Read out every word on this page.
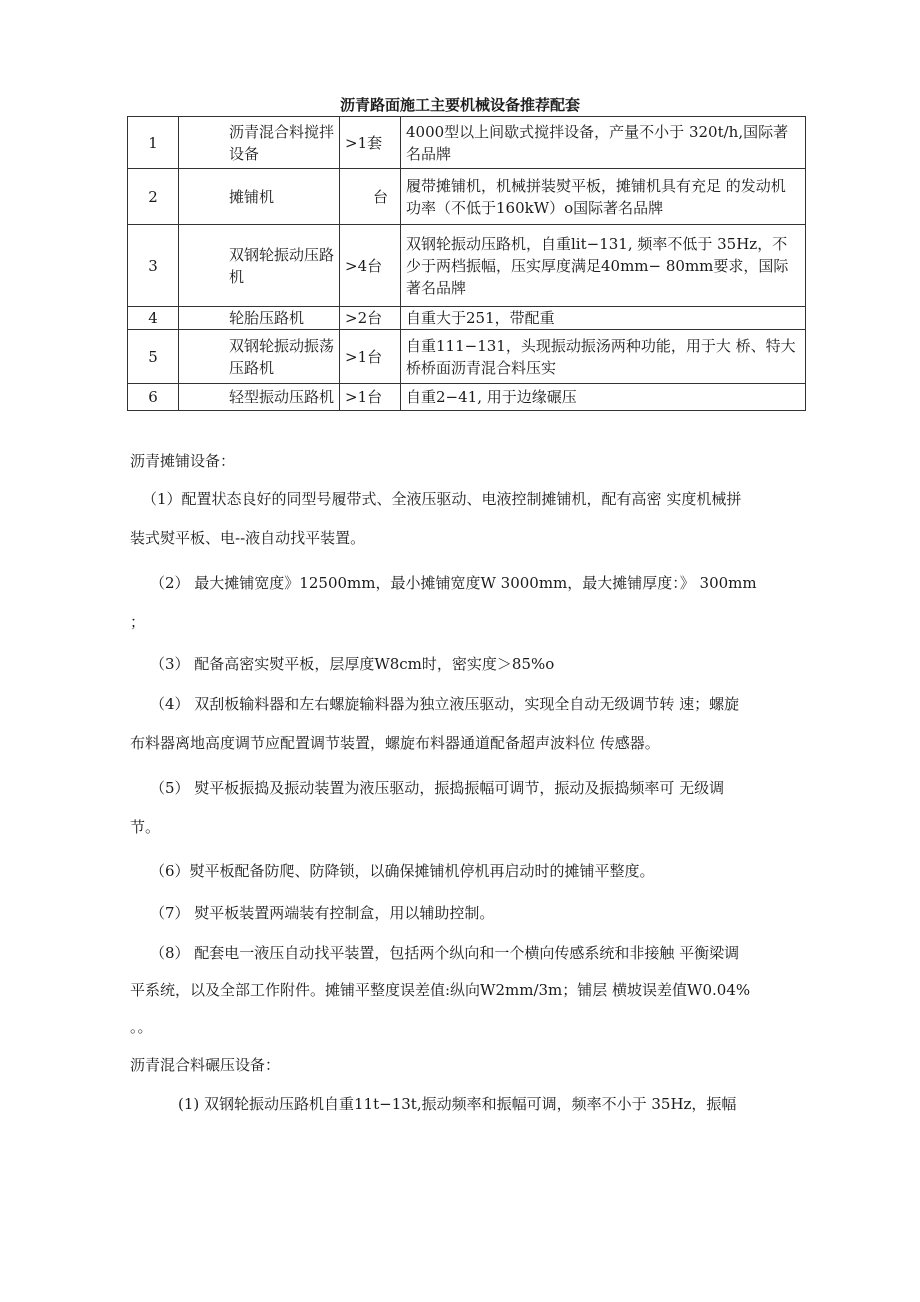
沥青路面施工主要机械设备推荐配套
1	沥青混合料搅拌 设备	>1套	4000型以上间歇式搅拌设备，产量不小于 320t/h,国际著名品牌
2	摊铺机	台	履带摊铺机，机械拼装熨平板，摊铺机具有充足 的发动机功率（不低于160kW）o国际著名品牌
3	双钢轮振动压路 机	>4台	双钢轮振动压路机，自重lit−131, 频率不低于 35Hz，不少于两档振幅，压实厚度满足40mm− 80mm要求，国际著名品牌
4	轮胎压路机	>2台	自重大于251，带配重
5	双钢轮振动振荡 压路机	>1台	自重111−131，头现振动振汤两种功能，用于大 桥、特大桥桥面沥青混合料压实
6	轻型振动压路机	>1台	自重2−41, 用于边缘碾压

沥青摊铺设备：

（1）配置状态良好的同型号履带式、全液压驱动、电液控制摊铺机，配有高密 实度机械拼
装式熨平板、电--液自动找平装置。
（2） 最大摊铺宽度》12500mm，最小摊铺宽度W 3000mm，最大摊铺厚度：》 300mm
；
（3） 配备高密实熨平板，层厚度W8cm时，密实度＞85%o
（4） 双刮板输料器和左右螺旋输料器为独立液压驱动，实现全自动无级调节转 速；螺旋
布料器离地高度调节应配置调节装置，螺旋布料器通道配备超声波料位 传感器。
（5） 熨平板振捣及振动装置为液压驱动，振捣振幅可调节，振动及振捣频率可 无级调
节。
（6）熨平板配备防爬、防降锁，以确保摊铺机停机再启动时的摊铺平整度。
（7） 熨平板装置两端装有控制盒，用以辅助控制。
（8） 配套电一液压自动找平装置，包括两个纵向和一个横向传感系统和非接触 平衡梁调
平系统，以及全部工作附件。摊铺平整度误差值:纵向W2mm/3m；铺层 横坡误差值W0.04%
。。

沥青混合料碾压设备：

(1) 双钢轮振动压路机自重11t−13t,振动频率和振幅可调，频率不小于 35Hz，振幅
